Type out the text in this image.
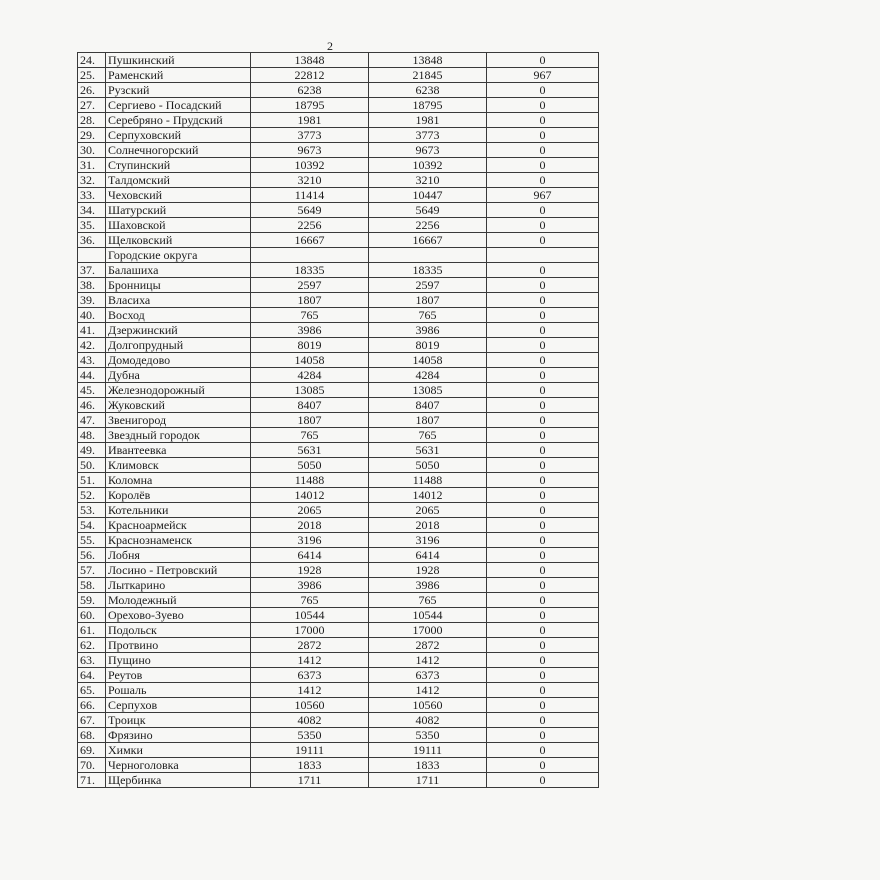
2
24.	Пушкинский	13848	13848	0
25.	Раменский	22812	21845	967
26.	Рузский	6238	6238	0
27.	Сергиево - Посадский	18795	18795	0
28.	Серебряно - Прудский	1981	1981	0
29.	Серпуховский	3773	3773	0
30.	Солнечногорский	9673	9673	0
31.	Ступинский	10392	10392	0
32.	Талдомский	3210	3210	0
33.	Чеховский	11414	10447	967
34.	Шатурский	5649	5649	0
35.	Шаховской	2256	2256	0
36.	Щелковский	16667	16667	0
	Городские округа			
37.	Балашиха	18335	18335	0
38.	Бронницы	2597	2597	0
39.	Власиха	1807	1807	0
40.	Восход	765	765	0
41.	Дзержинский	3986	3986	0
42.	Долгопрудный	8019	8019	0
43.	Домодедово	14058	14058	0
44.	Дубна	4284	4284	0
45.	Железнодорожный	13085	13085	0
46.	Жуковский	8407	8407	0
47.	Звенигород	1807	1807	0
48.	Звездный городок	765	765	0
49.	Ивантеевка	5631	5631	0
50.	Климовск	5050	5050	0
51.	Коломна	11488	11488	0
52.	Королёв	14012	14012	0
53.	Котельники	2065	2065	0
54.	Красноармейск	2018	2018	0
55.	Краснознаменск	3196	3196	0
56.	Лобня	6414	6414	0
57.	Лосино - Петровский	1928	1928	0
58.	Лыткарино	3986	3986	0
59.	Молодежный	765	765	0
60.	Орехово-Зуево	10544	10544	0
61.	Подольск	17000	17000	0
62.	Протвино	2872	2872	0
63.	Пущино	1412	1412	0
64.	Реутов	6373	6373	0
65.	Рошаль	1412	1412	0
66.	Серпухов	10560	10560	0
67.	Троицк	4082	4082	0
68.	Фрязино	5350	5350	0
69.	Химки	19111	19111	0
70.	Черноголовка	1833	1833	0
71.	Щербинка	1711	1711	0
